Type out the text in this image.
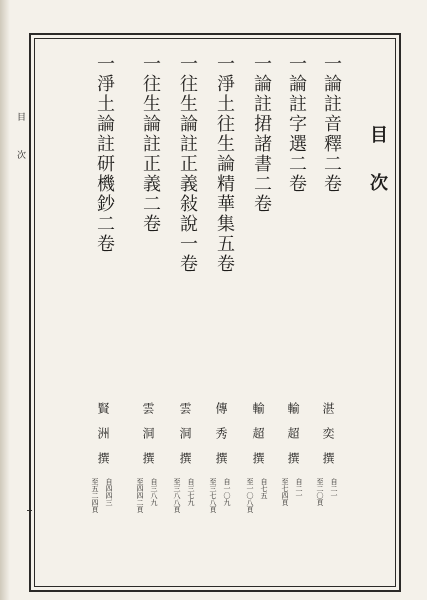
目
次	目次
一論註音釋二卷
一論註字選二卷
一論註捃諸書二卷
一淨土往生論精華集五卷
一往生論註正義敍說一卷
一往生論註正義二卷
一淨土論註研機鈔二卷
湛奕撰
輸超撰
輸超撰
傳秀撰
雲洞撰
雲洞撰
賢洲撰
自二一
至二〇頁
自二一
至七四頁
自七五
至一〇八頁
自一〇九
至三七八頁
自三七九
至三八八頁
自三八九
至四四二頁
自四四三
至五二四頁
